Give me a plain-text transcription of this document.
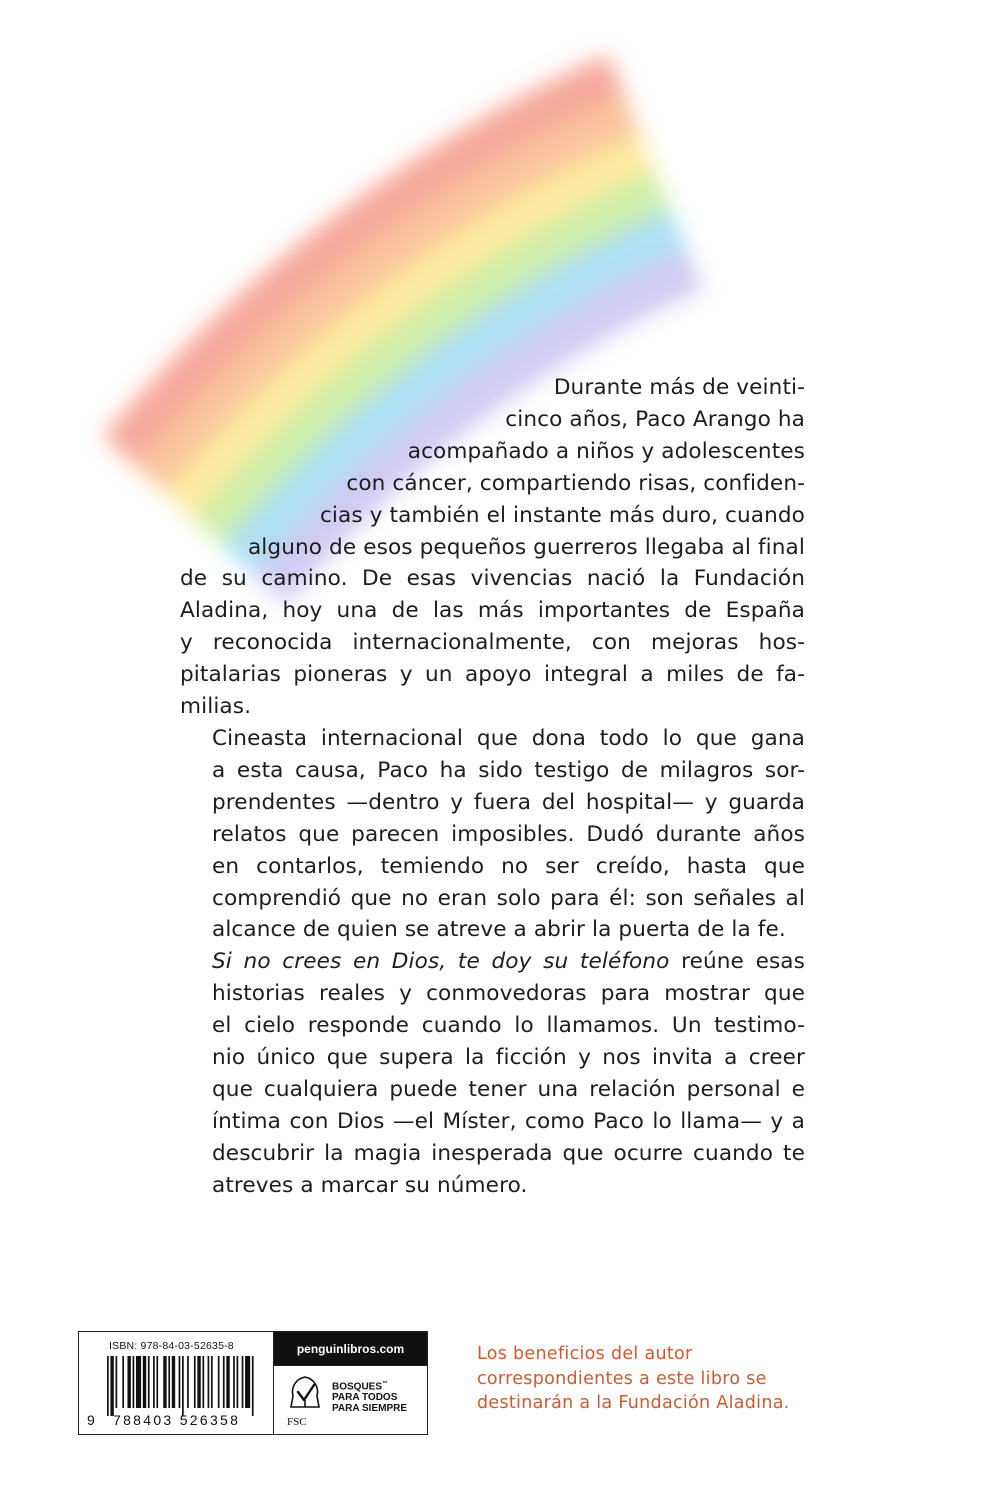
Durante más de veinti-
cinco años, Paco Arango ha
acompañado a niños y adolescentes
con cáncer, compartiendo risas, confiden-
cias y también el instante más duro, cuando
alguno de esos pequeños guerreros llegaba al final
de su camino. De esas vivencias nació la Fundación
Aladina, hoy una de las más importantes de España
y reconocida internacionalmente, con mejoras hos-
pitalarias pioneras y un apoyo integral a miles de fa-
milias.

Cineasta internacional que dona todo lo que gana
a esta causa, Paco ha sido testigo de milagros sor-
prendentes —dentro y fuera del hospital— y guarda
relatos que parecen imposibles. Dudó durante años
en contarlos, temiendo no ser creído, hasta que
comprendió que no eran solo para él: son señales al
alcance de quien se atreve a abrir la puerta de la fe.

Si no crees en Dios, te doy su teléfono reúne esas
historias reales y conmovedoras para mostrar que
el cielo responde cuando lo llamamos. Un testimo-
nio único que supera la ficción y nos invita a creer
que cualquiera puede tener una relación personal e
íntima con Dios —el Míster, como Paco lo llama— y a
descubrir la magia inesperada que ocurre cuando te
atreves a marcar su número.

ISBN: 978-84-03-52635-8
9 788403 526358
penguinlibros.com
FSC
BOSQUES™
PARA TODOS
PARA SIEMPRE
Los beneficios del autor
correspondientes a este libro se
destinarán a la Fundación Aladina.
